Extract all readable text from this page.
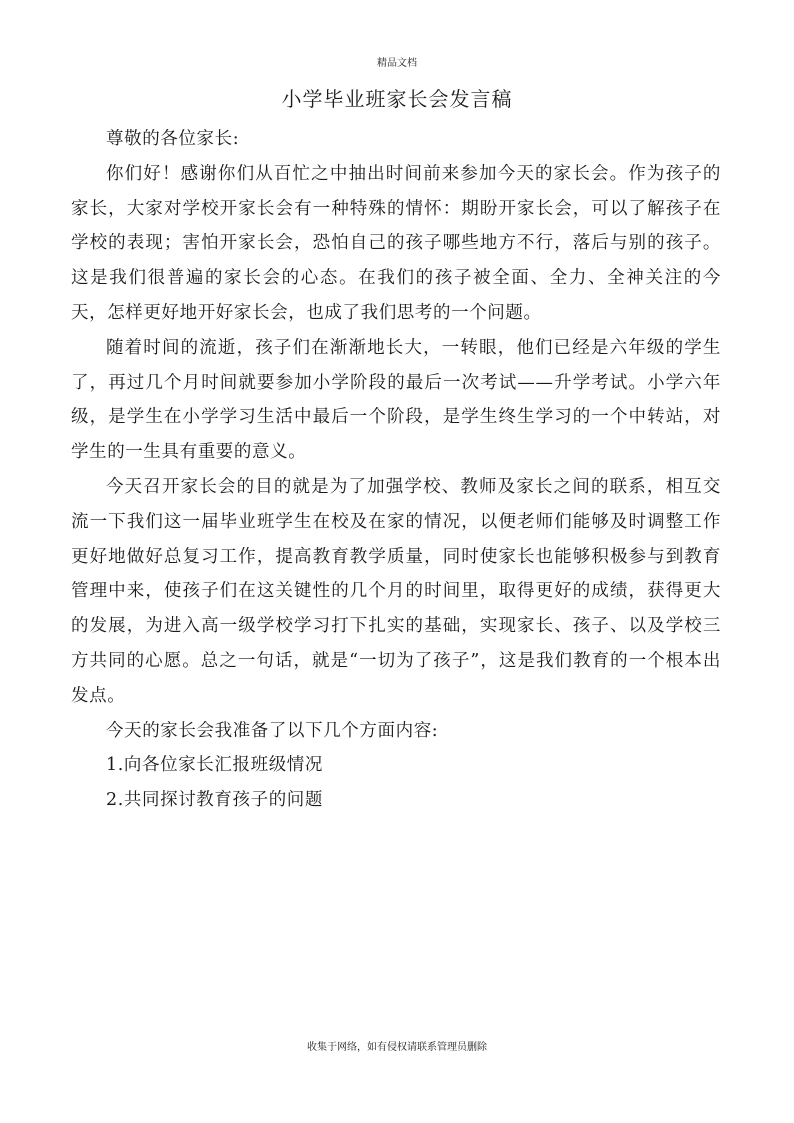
精品文档
小学毕业班家长会发言稿

尊敬的各位家长:

你们好！感谢你们从百忙之中抽出时间前来参加今天的家长会。作为孩子的家长，大家对学校开家长会有一种特殊的情怀：期盼开家长会，可以了解孩子在学校的表现；害怕开家长会，恐怕自己的孩子哪些地方不行，落后与别的孩子。这是我们很普遍的家长会的心态。在我们的孩子被全面、全力、全神关注的今天，怎样更好地开好家长会，也成了我们思考的一个问题。

随着时间的流逝，孩子们在渐渐地长大，一转眼，他们已经是六年级的学生了，再过几个月时间就要参加小学阶段的最后一次考试——升学考试。小学六年级，是学生在小学学习生活中最后一个阶段，是学生终生学习的一个中转站，对学生的一生具有重要的意义。

今天召开家长会的目的就是为了加强学校、教师及家长之间的联系，相互交流一下我们这一届毕业班学生在校及在家的情况，以便老师们能够及时调整工作更好地做好总复习工作，提高教育教学质量，同时使家长也能够积极参与到教育管理中来，使孩子们在这关键性的几个月的时间里，取得更好的成绩，获得更大的发展，为进入高一级学校学习打下扎实的基础，实现家长、孩子、以及学校三方共同的心愿。总之一句话，就是“一切为了孩子”，这是我们教育的一个根本出发点。

今天的家长会我准备了以下几个方面内容:

1.向各位家长汇报班级情况

2.共同探讨教育孩子的问题

收集于网络，如有侵权请联系管理员删除
